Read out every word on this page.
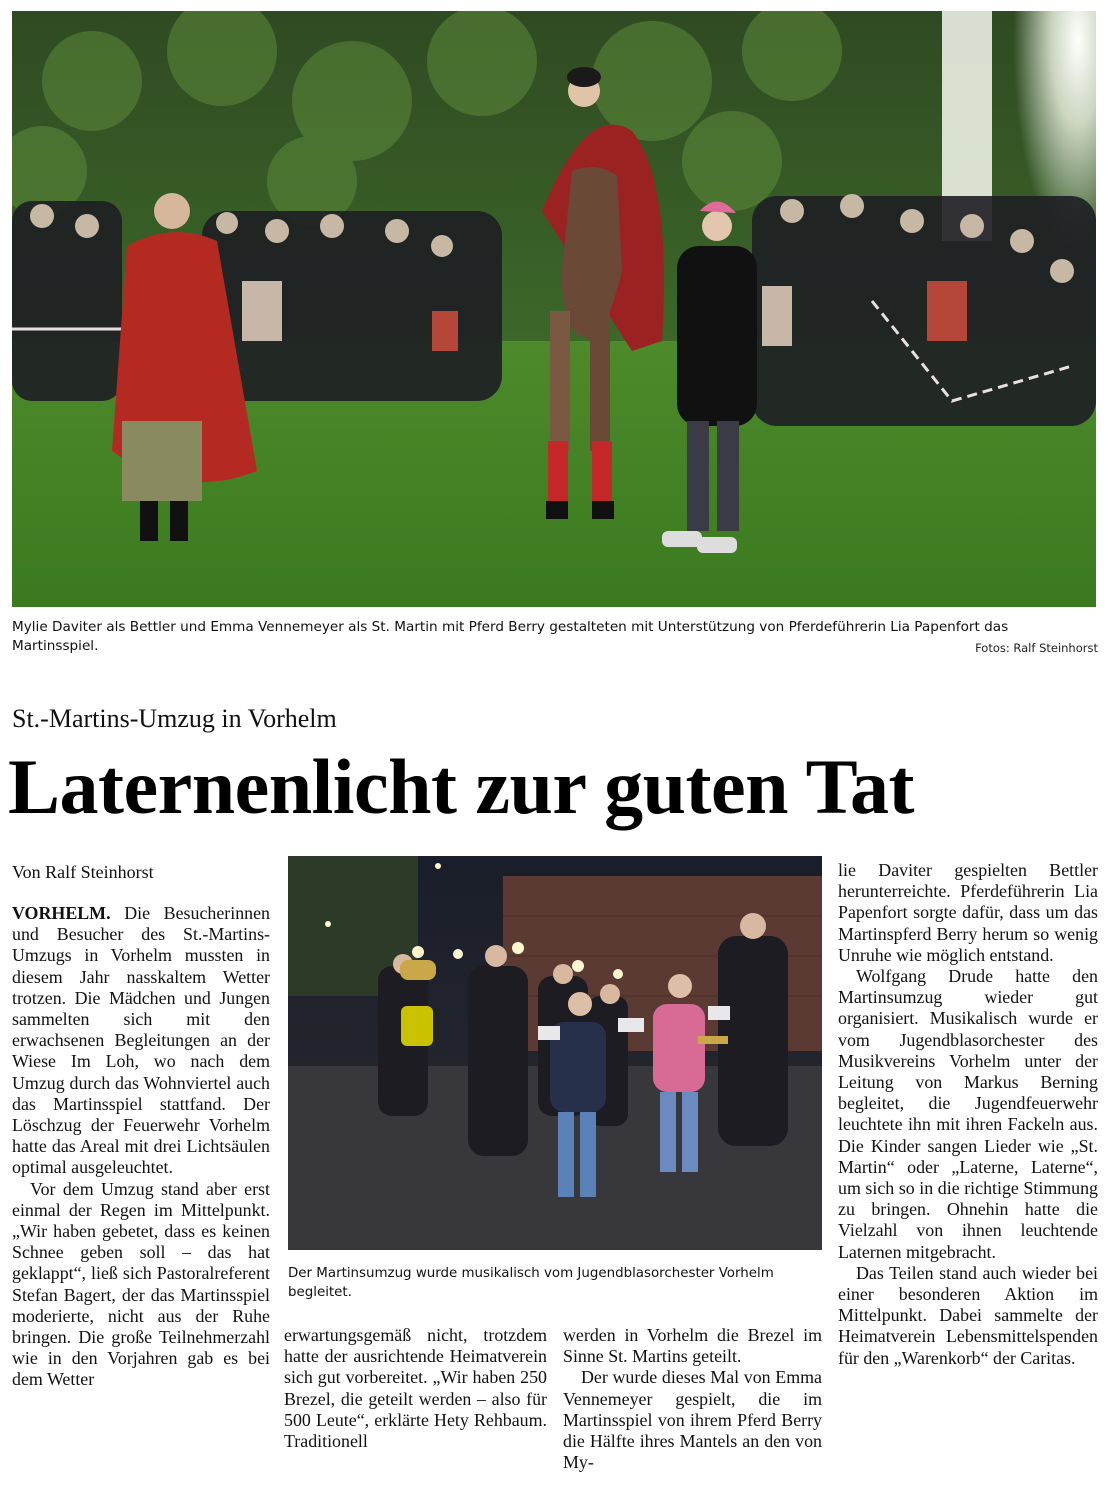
Mylie Daviter als Bettler und Emma Vennemeyer als St. Martin mit Pferd Berry gestalteten mit Unterstützung von Pferdeführerin Lia Papenfort das Martinsspiel.	Fotos: Ralf Steinhorst
St.-Martins-Umzug in Vorhelm
Laternenlicht zur guten Tat
Von Ralf Steinhorst

VORHELM. Die Besucherinnen und Besucher des St.-Martins-Umzugs in Vorhelm mussten in diesem Jahr nasskaltem Wetter trotzen. Die Mädchen und Jungen sammelten sich mit den erwachsenen Begleitungen an der Wiese Im Loh, wo nach dem Umzug durch das Wohnviertel auch das Martinsspiel stattfand. Der Löschzug der Feuerwehr Vorhelm hatte das Areal mit drei Lichtsäulen optimal ausgeleuchtet.

Vor dem Umzug stand aber erst einmal der Regen im Mittelpunkt. „Wir haben gebetet, dass es keinen Schnee geben soll – das hat geklappt“, ließ sich Pastoralreferent Stefan Bagert, der das Martinsspiel moderierte, nicht aus der Ruhe bringen. Die große Teilnehmerzahl wie in den Vorjahren gab es bei dem Wetter

Der Martinsumzug wurde musikalisch vom Jugendblasorchester Vorhelm begleitet.

erwartungsgemäß nicht, trotzdem hatte der ausrichtende Heimatverein sich gut vorbereitet. „Wir haben 250 Brezel, die geteilt werden – also für 500 Leute“, erklärte Hety Rehbaum. Traditionell

werden in Vorhelm die Brezel im Sinne St. Martins geteilt.

Der wurde dieses Mal von Emma Vennemeyer gespielt, die im Martinsspiel von ihrem Pferd Berry die Hälfte ihres Mantels an den von My-

lie Daviter gespielten Bettler herunterreichte. Pferdeführerin Lia Papenfort sorgte dafür, dass um das Martinspferd Berry herum so wenig Unruhe wie möglich entstand.

Wolfgang Drude hatte den Martinsumzug wieder gut organisiert. Musikalisch wurde er vom Jugendblasorchester des Musikvereins Vorhelm unter der Leitung von Markus Berning begleitet, die Jugendfeuerwehr leuchtete ihn mit ihren Fackeln aus. Die Kinder sangen Lieder wie „St. Martin“ oder „Laterne, Laterne“, um sich so in die richtige Stimmung zu bringen. Ohnehin hatte die Vielzahl von ihnen leuchtende Laternen mitgebracht.

Das Teilen stand auch wieder bei einer besonderen Aktion im Mittelpunkt. Dabei sammelte der Heimatverein Lebensmittelspenden für den „Warenkorb“ der Caritas.
